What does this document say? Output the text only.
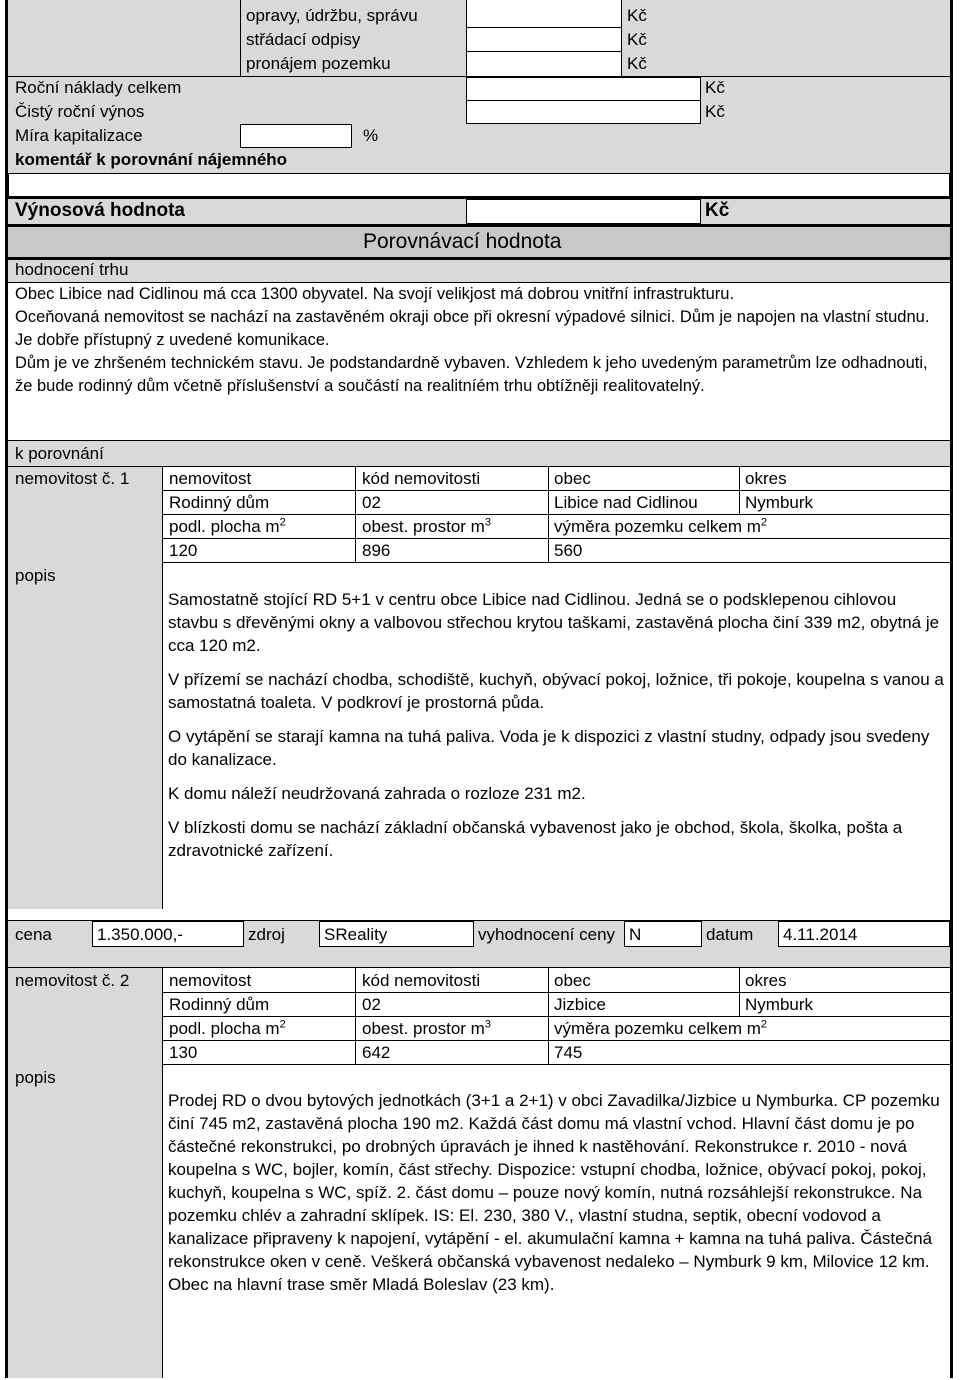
opravy, údržbu, správu	Kč
střádací odpisy	Kč
pronájem pozemku	Kč
Roční náklady celkem	Kč
Čistý roční výnos	Kč
Míra kapitalizace	%
komentář k porovnání nájemného
Výnosová hodnota	Kč
Porovnávací hodnota
hodnocení trhu
Obec Libice nad Cidlinou má cca 1300 obyvatel. Na svojí velikjost má dobrou vnitřní infrastrukturu.
Oceňovaná nemovitost se nachází na zastavěném okraji obce při okresní výpadové silnici. Dům je napojen na vlastní studnu. Je dobře přístupný z uvedené komunikace.
Dům je ve zhršeném technickém stavu. Je podstandardně vybaven. Vzhledem k jeho uvedeným parametrům lze odhadnouti, že bude rodinný dům včetně příslušenství a součástí na realitníém trhu obtížněji realitovatelný.
k porovnání
nemovitost č. 1 nemovitost	kód nemovitosti	obec	okres
Rodinný dům	02	Libice nad Cidlinou	Nymburk
podl. plocha $m^2$	obest. prostor $m^3$	výměra pozemku celkem $m^2$
120	896	560
popis
Samostatně stojící RD 5+1 v centru obce Libice nad Cidlinou. Jedná se o podsklepenou cihlovou stavbu s dřevěnými okny a valbovou střechou krytou taškami, zastavěná plocha činí 339 m2, obytná je cca 120 m2.
V přízemí se nachází chodba, schodiště, kuchyň, obývací pokoj, ložnice, tři pokoje, koupelna s vanou a samostatná toaleta. V podkroví je prostorná půda.
O vytápění se starají kamna na tuhá paliva. Voda je k dispozici z vlastní studny, odpady jsou svedeny do kanalizace.
K domu náleží neudržovaná zahrada o rozloze 231 m2.
V blízkosti domu se nachází základní občanská vybavenost jako je obchod, škola, školka, pošta a zdravotnické zařízení.
cena	1.350.000,-	zdroj SReality	vyhodnocení ceny N	datum 4.11.2014
nemovitost č. 2 nemovitost	kód nemovitosti	obec	okres
Rodinný dům	02	Jizbice	Nymburk
podl. plocha $m^2$	obest. prostor $m^3$	výměra pozemku celkem $m^2$
130	642	745
popis
Prodej RD o dvou bytových jednotkách (3+1 a 2+1) v obci Zavadilka/Jizbice u Nymburka. CP pozemku činí 745 m2, zastavěná plocha 190 m2. Každá část domu má vlastní vchod. Hlavní část domu je po částečné rekonstrukci, po drobných úpravách je ihned k nastěhování. Rekonstrukce r. 2010 - nová koupelna s WC, bojler, komín, část střechy. Dispozice: vstupní chodba, ložnice, obývací pokoj, pokoj, kuchyň, koupelna s WC, spíž. 2. část domu – pouze nový komín, nutná rozsáhlejší rekonstrukce. Na pozemku chlév a zahradní sklípek. IS: El. 230, 380 V., vlastní studna, septik, obecní vodovod a kanalizace připraveny k napojení, vytápění - el. akumulační kamna + kamna na tuhá paliva. Částečná rekonstrukce oken v ceně. Veškerá občanská vybavenost nedaleko – Nymburk 9 km, Milovice 12 km. Obec na hlavní trase směr Mladá Boleslav (23 km).
